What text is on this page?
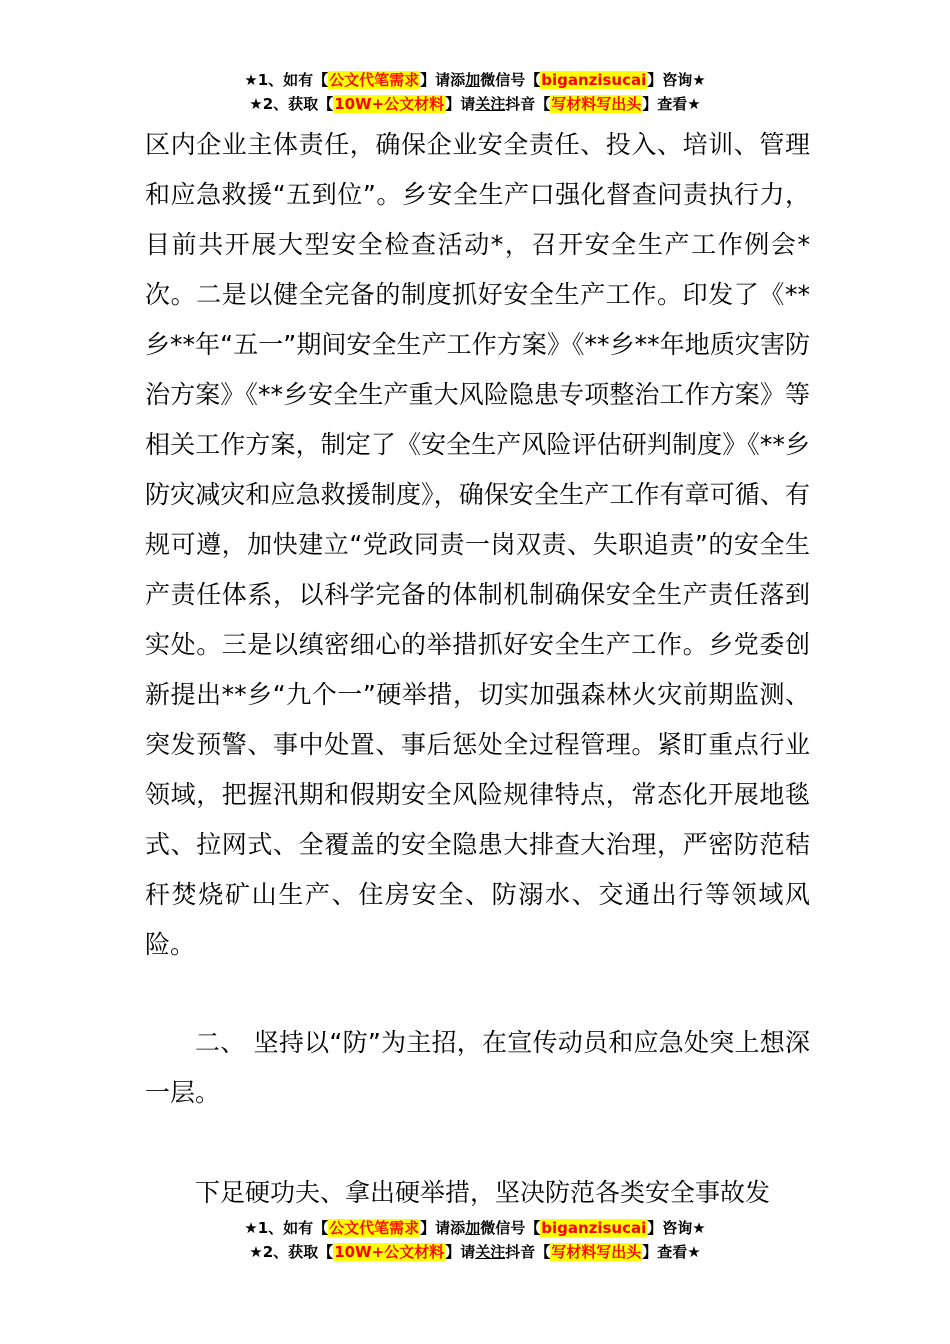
★1、如有【公文代笔需求】请添加微信号【biganzisucai】咨询★
★2、获取【10W+公文材料】请关注抖音【写材料写出头】查看★

区内企业主体责任，确保企业安全责任、投入、培训、管理和应急救援“五到位”。乡安全生产口强化督查问责执行力，目前共开展大型安全检查活动*，召开安全生产工作例会*次。二是以健全完备的制度抓好安全生产工作。印发了《**乡**年“五一”期间安全生产工作方案》《**乡**年地质灾害防治方案》《**乡安全生产重大风险隐患专项整治工作方案》等相关工作方案，制定了《安全生产风险评估研判制度》《**乡防灾减灾和应急救援制度》，确保安全生产工作有章可循、有规可遵，加快建立“党政同责一岗双责、失职追责”的安全生产责任体系，以科学完备的体制机制确保安全生产责任落到实处。三是以缜密细心的举措抓好安全生产工作。乡党委创新提出**乡“九个一”硬举措，切实加强森林火灾前期监测、突发预警、事中处置、事后惩处全过程管理。紧盯重点行业领域，把握汛期和假期安全风险规律特点，常态化开展地毯式、拉网式、全覆盖的安全隐患大排查大治理，严密防范秸秆焚烧矿山生产、住房安全、防溺水、交通出行等领域风险。

二、 坚持以“防”为主招，在宣传动员和应急处突上想深一层。

下足硬功夫、拿出硬举措，坚决防范各类安全事故发

★1、如有【公文代笔需求】请添加微信号【biganzisucai】咨询★
★2、获取【10W+公文材料】请关注抖音【写材料写出头】查看★
